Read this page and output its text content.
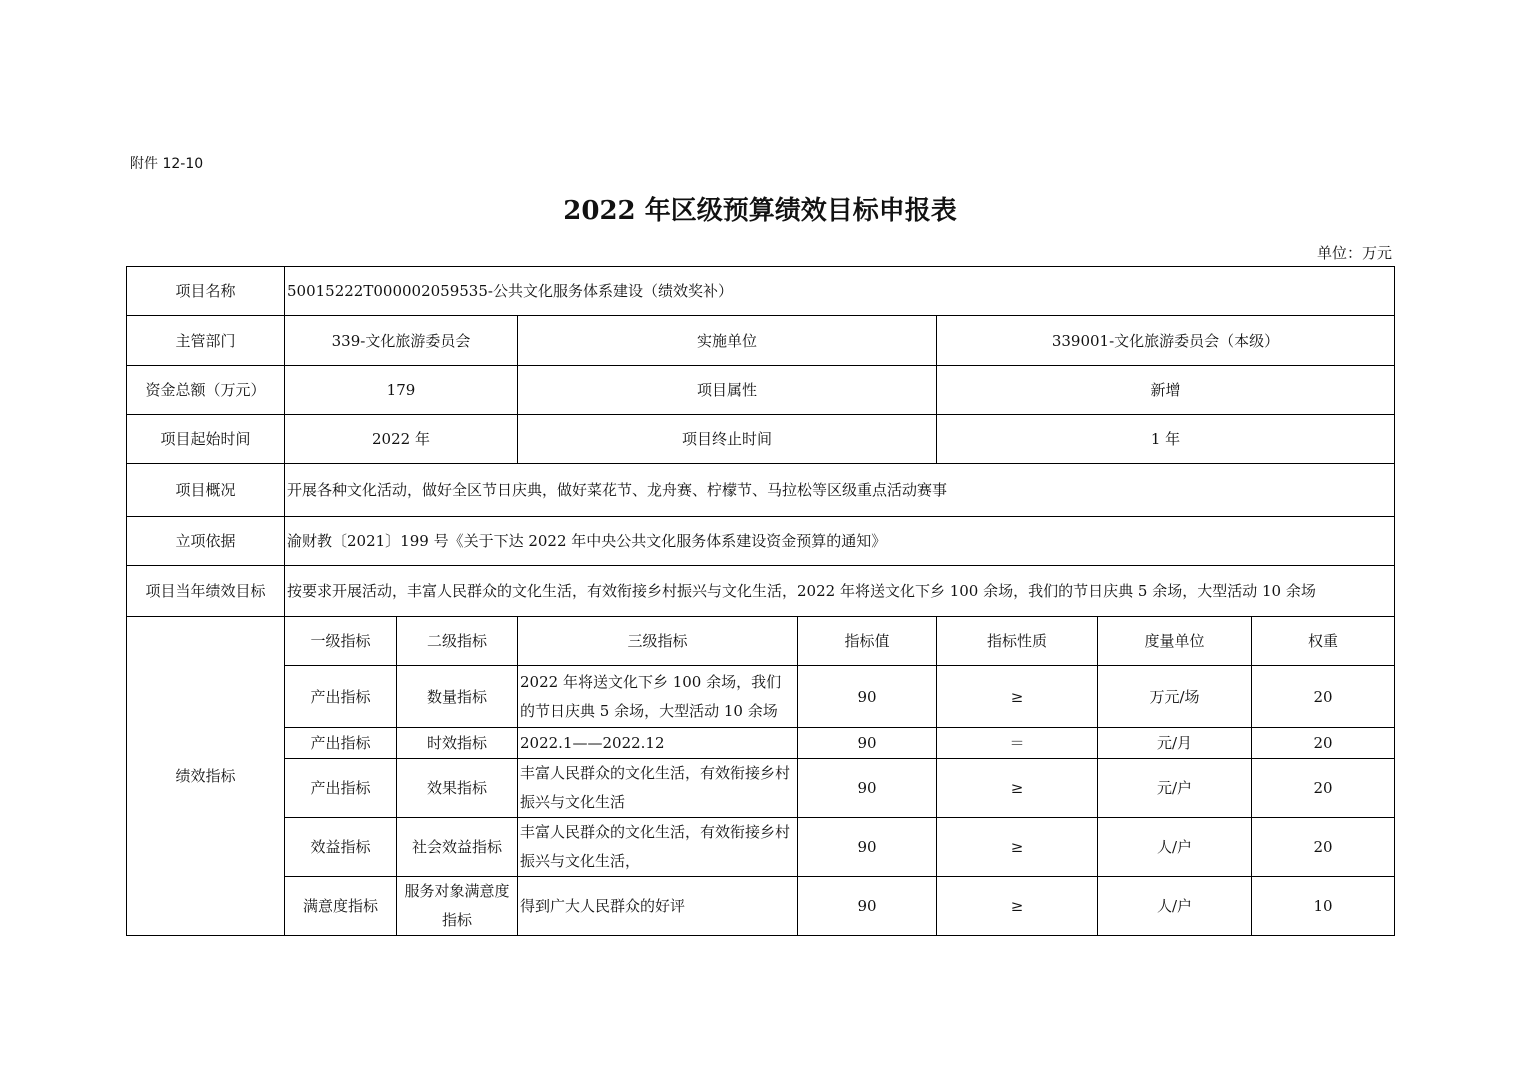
附件 12-10
2022 年区级预算绩效目标申报表
单位：万元
项目名称	50015222T000002059535-公共文化服务体系建设（绩效奖补）						
主管部门	339-文化旅游委员会		实施单位		339001-文化旅游委员会（本级）		
资金总额（万元）	179		项目属性		新增		
项目起始时间	2022 年		项目终止时间		1 年		
项目概况	开展各种文化活动，做好全区节日庆典，做好菜花节、龙舟赛、柠檬节、马拉松等区级重点活动赛事						
立项依据	渝财教〔2021〕199 号《关于下达 2022 年中央公共文化服务体系建设资金预算的通知》						
项目当年绩效目标	按要求开展活动，丰富人民群众的文化生活，有效衔接乡村振兴与文化生活，2022 年将送文化下乡 100 余场，我们的节日庆典 5 余场，大型活动 10 余场						
绩效指标	一级指标	二级指标	三级指标	指标值	指标性质	度量单位	权重
	产出指标	数量指标	2022 年将送文化下乡 100 余场，我们的节日庆典 5 余场，大型活动 10 余场	90	≥	万元/场	20
	产出指标	时效指标	2022.1——2022.12	90	＝	元/月	20
	产出指标	效果指标	丰富人民群众的文化生活，有效衔接乡村振兴与文化生活	90	≥	元/户	20
	效益指标	社会效益指标	丰富人民群众的文化生活，有效衔接乡村振兴与文化生活，	90	≥	人/户	20
	满意度指标	服务对象满意度指标	得到广大人民群众的好评	90	≥	人/户	10
